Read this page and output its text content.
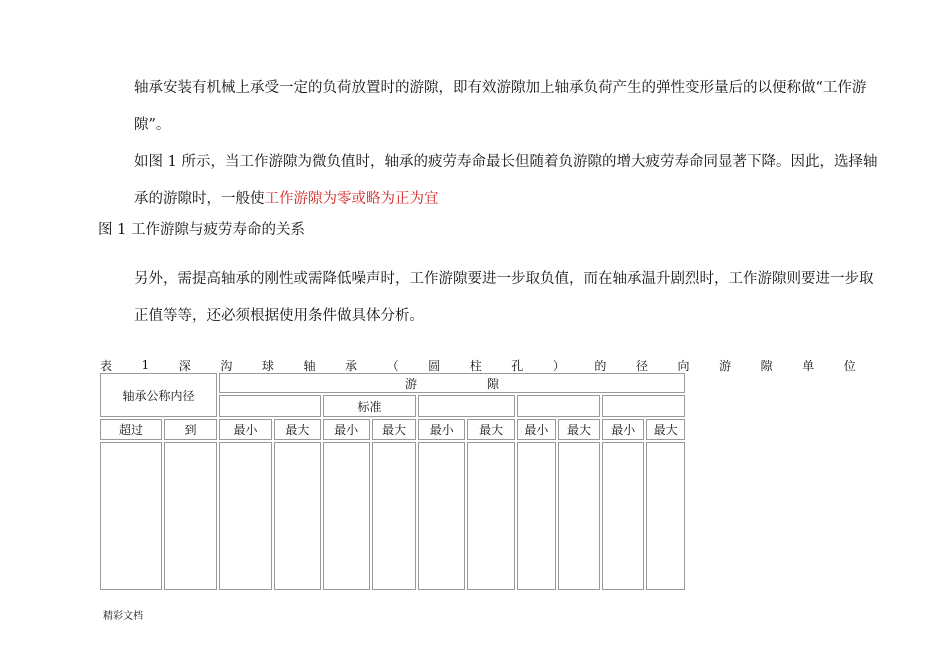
轴承安装有机械上承受一定的负荷放置时的游隙，即有效游隙加上轴承负荷产生的弹性变形量后的以便称做“工作游隙”。

如图 1 所示，当工作游隙为微负值时，轴承的疲劳寿命最长但随着负游隙的增大疲劳寿命同显著下降。因此，选择轴承的游隙时，一般使工作游隙为零或略为正为宜

图 1 工作游隙与疲劳寿命的关系

另外，需提高轴承的刚性或需降低噪声时，工作游隙要进一步取负值，而在轴承温升剧烈时，工作游隙则要进一步取正值等等，还必须根据使用条件做具体分析。

表 1 深 沟 球 轴 承 （ 圆 柱 孔 ） 的 径 向 游 隙 单 位
轴承公称内径		游 隙									

				标准							
超过	到	最小	最大	最小	最大	最小	最大	最小	最大	最小	最大

精彩文档
